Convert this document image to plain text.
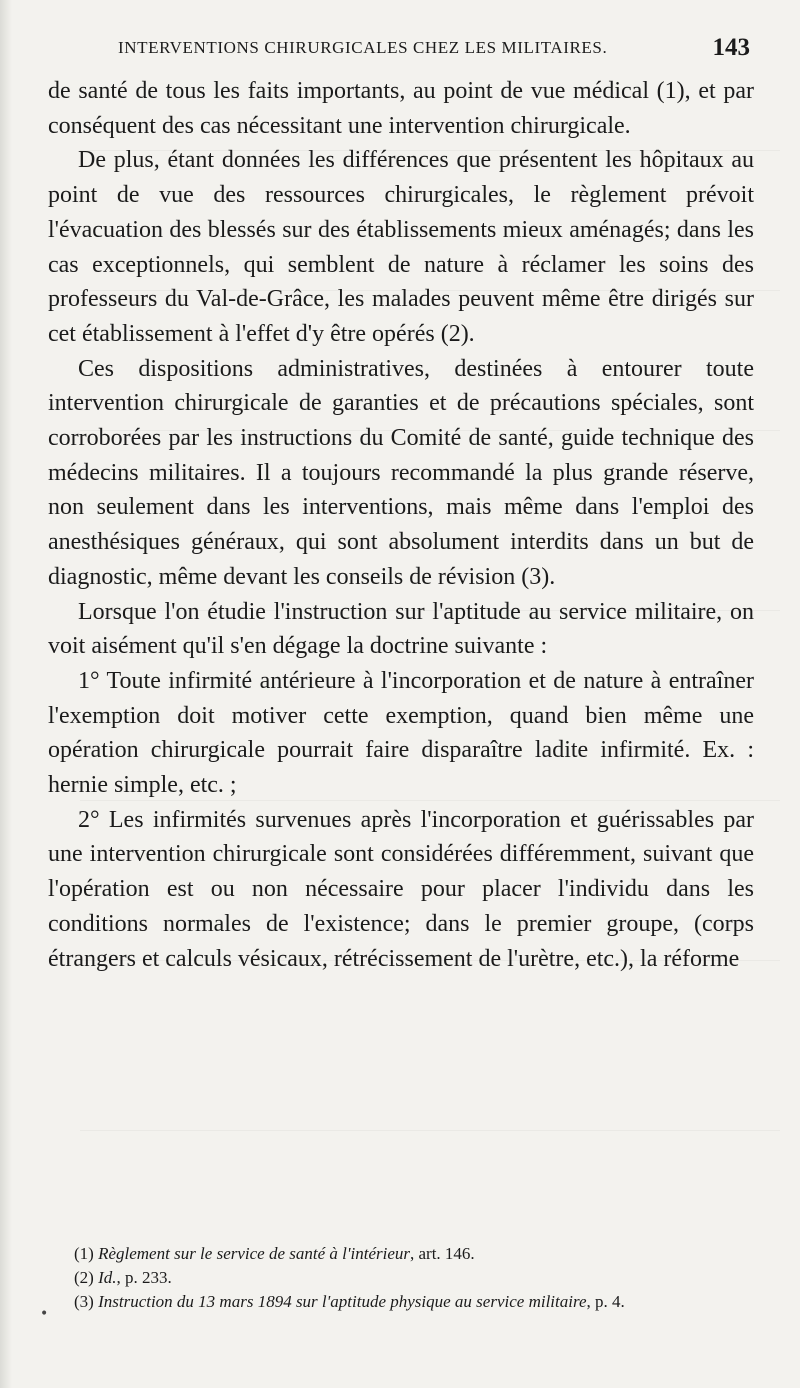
INTERVENTIONS CHIRURGICALES CHEZ LES MILITAIRES.	143

de santé de tous les faits importants, au point de vue médical (1), et par conséquent des cas nécessitant une intervention chirurgicale.

De plus, étant données les différences que présentent les hôpitaux au point de vue des ressources chirurgicales, le règlement prévoit l'évacuation des blessés sur des établissements mieux aménagés; dans les cas exceptionnels, qui semblent de nature à réclamer les soins des professeurs du Val-de-Grâce, les malades peuvent même être dirigés sur cet établissement à l'effet d'y être opérés (2).

Ces dispositions administratives, destinées à entourer toute intervention chirurgicale de garanties et de précautions spéciales, sont corroborées par les instructions du Comité de santé, guide technique des médecins militaires. Il a toujours recommandé la plus grande réserve, non seulement dans les interventions, mais même dans l'emploi des anesthésiques généraux, qui sont absolument interdits dans un but de diagnostic, même devant les conseils de révision (3).

Lorsque l'on étudie l'instruction sur l'aptitude au service militaire, on voit aisément qu'il s'en dégage la doctrine suivante :

1° Toute infirmité antérieure à l'incorporation et de nature à entraîner l'exemption doit motiver cette exemption, quand bien même une opération chirurgicale pourrait faire disparaître ladite infirmité. Ex. : hernie simple, etc. ;

2° Les infirmités survenues après l'incorporation et guérissables par une intervention chirurgicale sont considérées différemment, suivant que l'opération est ou non nécessaire pour placer l'individu dans les conditions normales de l'existence; dans le premier groupe, (corps étrangers et calculs vésicaux, rétrécissement de l'urètre, etc.), la réforme

(1) Règlement sur le service de santé à l'intérieur, art. 146.

(2) Id., p. 233.

(3) Instruction du 13 mars 1894 sur l'aptitude physique au service militaire, p. 4.

•
